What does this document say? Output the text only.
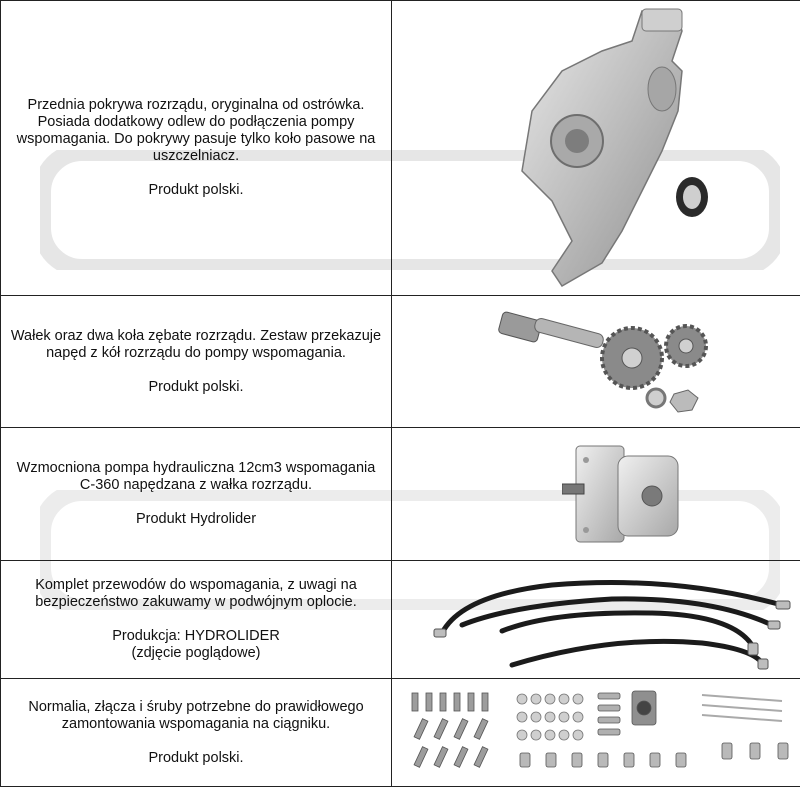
Przednia pokrywa rozrządu, oryginalna od ostrówka. Posiada dodatkowy odlew do podłączenia pompy wspomagania. Do pokrywy pasuje tylko koło pasowe na uszczelniacz.

Produkt polski.

Wałek oraz dwa koła zębate rozrządu. Zestaw przekazuje napęd z kół rozrządu do pompy wspomagania.

Produkt polski.

Wzmocniona pompa hydrauliczna 12cm3 wspomagania C-360 napędzana z wałka rozrządu.

Produkt Hydrolider

Komplet przewodów do wspomagania, z uwagi na bezpieczeństwo zakuwamy w podwójnym oplocie.

Produkcja: HYDROLIDER
(zdjęcie poglądowe)

Normalia, złącza i śruby potrzebne do prawidłowego zamontowania wspomagania na ciągniku.

Produkt polski.
